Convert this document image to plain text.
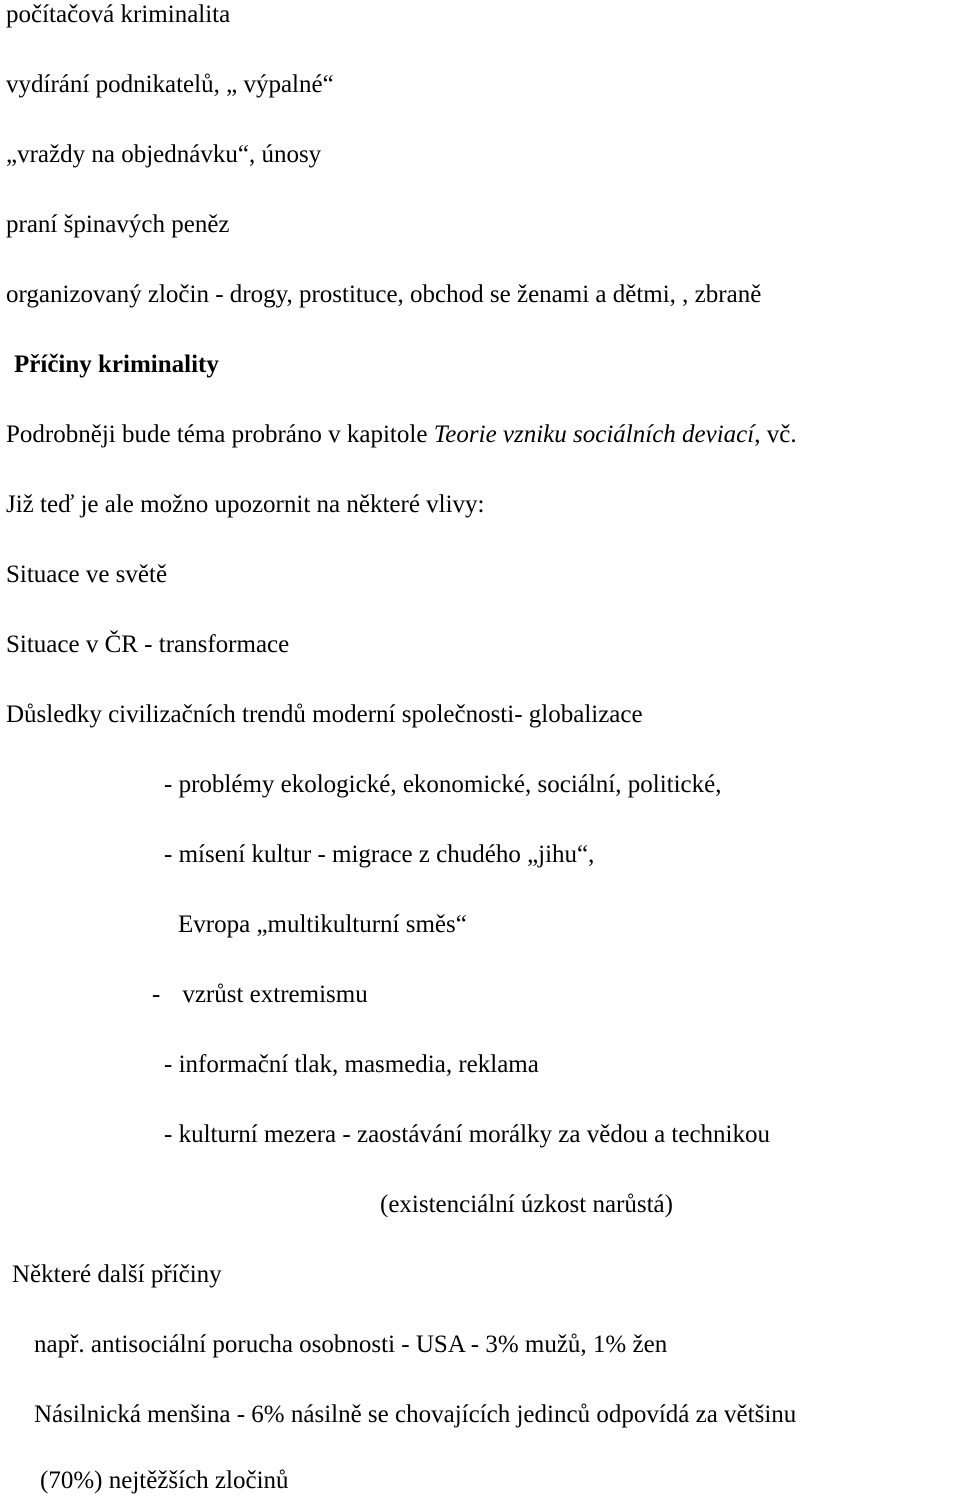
počítačová kriminalita

vydírání podnikatelů, „ výpalné“

„vraždy na objednávku“, únosy

praní špinavých peněz

organizovaný zločin - drogy, prostituce, obchod se ženami a dětmi, , zbraně

Příčiny kriminality

Podrobněji bude téma probráno v kapitole Teorie vzniku sociálních deviací, vč.

Již teď je ale možno upozornit na některé vlivy:

Situace ve světě

Situace v ČR - transformace

Důsledky civilizačních trendů moderní společnosti- globalizace

- problémy ekologické, ekonomické, sociální, politické,

- mísení kultur - migrace z chudého „jihu“,

Evropa „multikulturní směs“

- vzrůst extremismu

- informační tlak, masmedia, reklama

- kulturní mezera - zaostávání morálky za vědou a technikou

(existenciální úzkost narůstá)

Některé další příčiny

např. antisociální porucha osobnosti - USA - 3% mužů, 1% žen

Násilnická menšina - 6% násilně se chovajících jedinců odpovídá za většinu

(70%) nejtěžších zločinů
